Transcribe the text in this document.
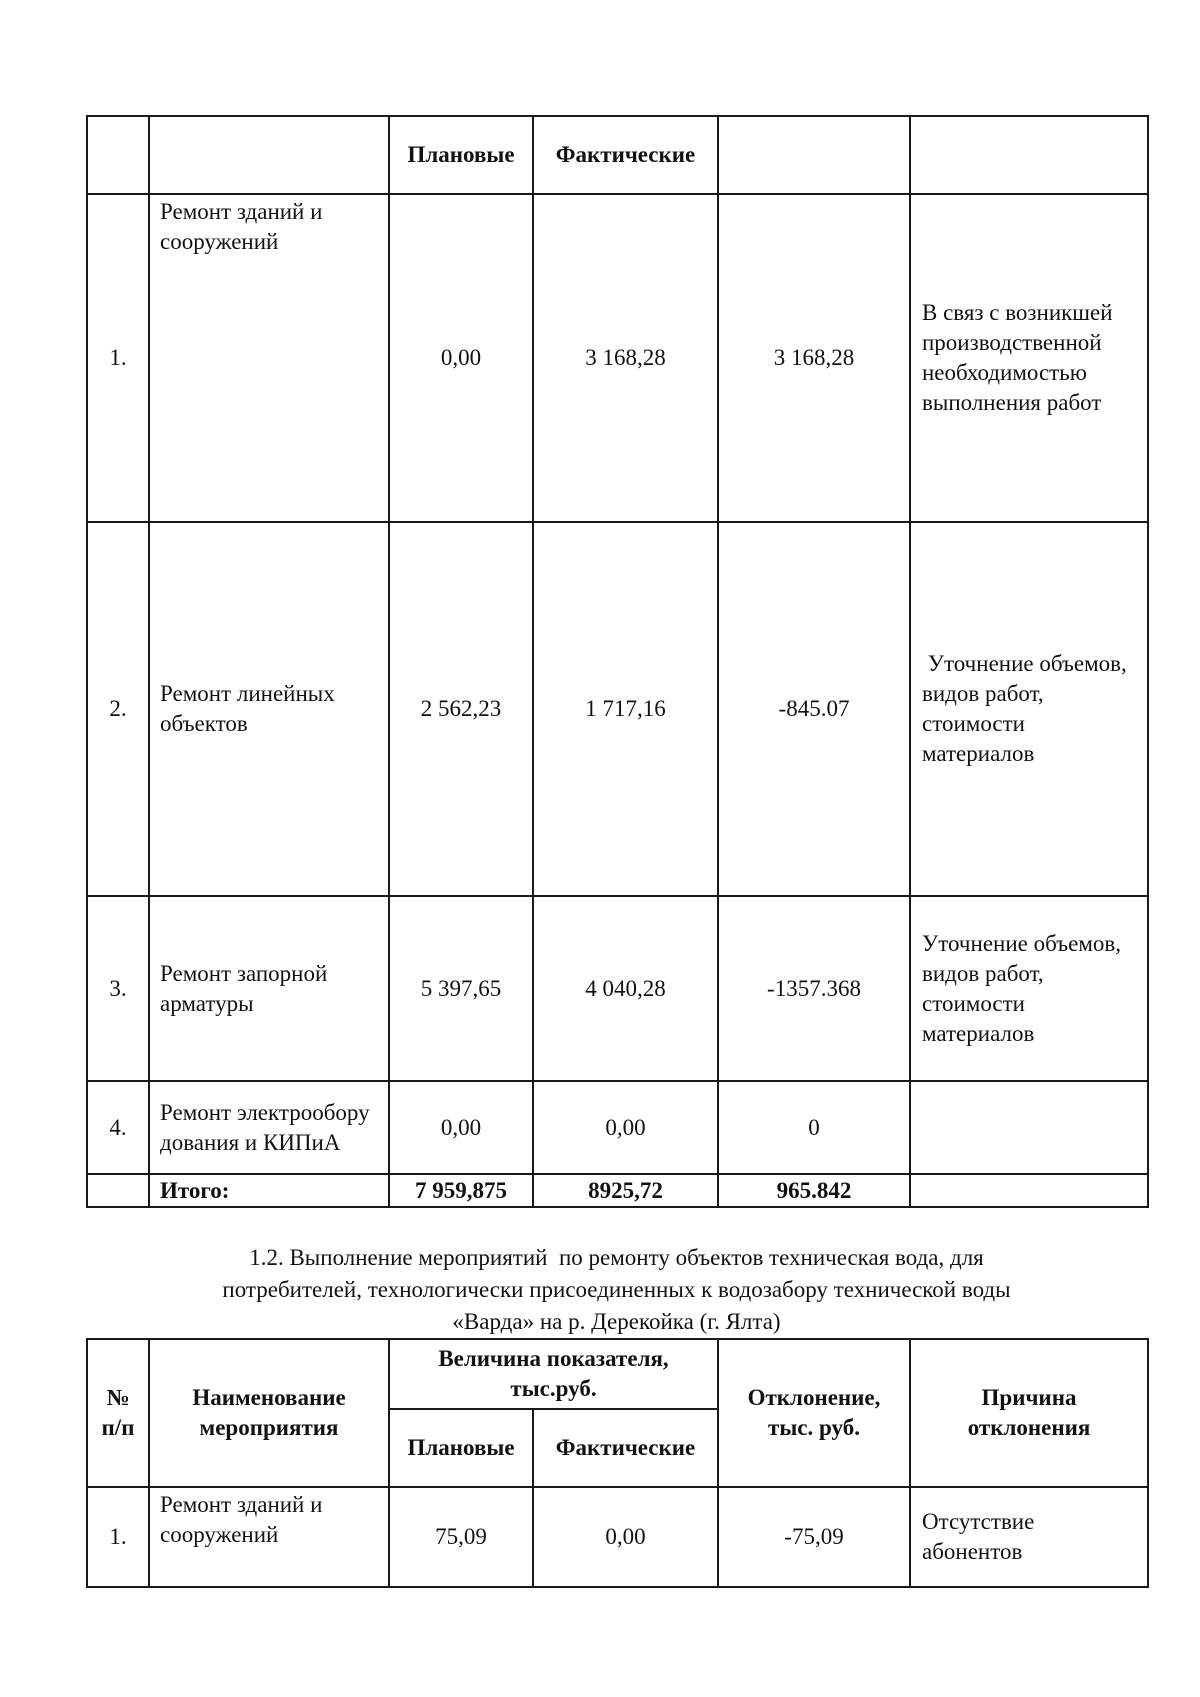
		Плановые	Фактические		
1.	Ремонт зданий и сооружений	0,00	3 168,28	3 168,28	В связ с возникшей производственной необходимостью выполнения работ
2.	Ремонт линейных объектов	2 562,23	1 717,16	-845.07	Уточнение объемов,  видов работ, стоимости материалов
3.	Ремонт запорной арматуры	5 397,65	4 040,28	-1357.368	Уточнение объемов,  видов работ, стоимости материалов
4.	Ремонт электрооборудования и КИПиА	0,00	0,00	0	
	Итого:	7 959,875	8925,72	965.842	
1.2. Выполнение мероприятий  по ремонту объектов техническая вода, для
потребителей, технологически присоединенных к водозабору технической воды
«Варда» на р. Дерекойка (г. Ялта)
№ п/п	Наименование мероприятия	Величина показателя, тыс.руб.		Отклонение, тыс. руб.	Причина отклонения
		Плановые	Фактические		
1.	Ремонт зданий и сооружений	75,09	0,00	-75,09	Отсутствие абонентов
